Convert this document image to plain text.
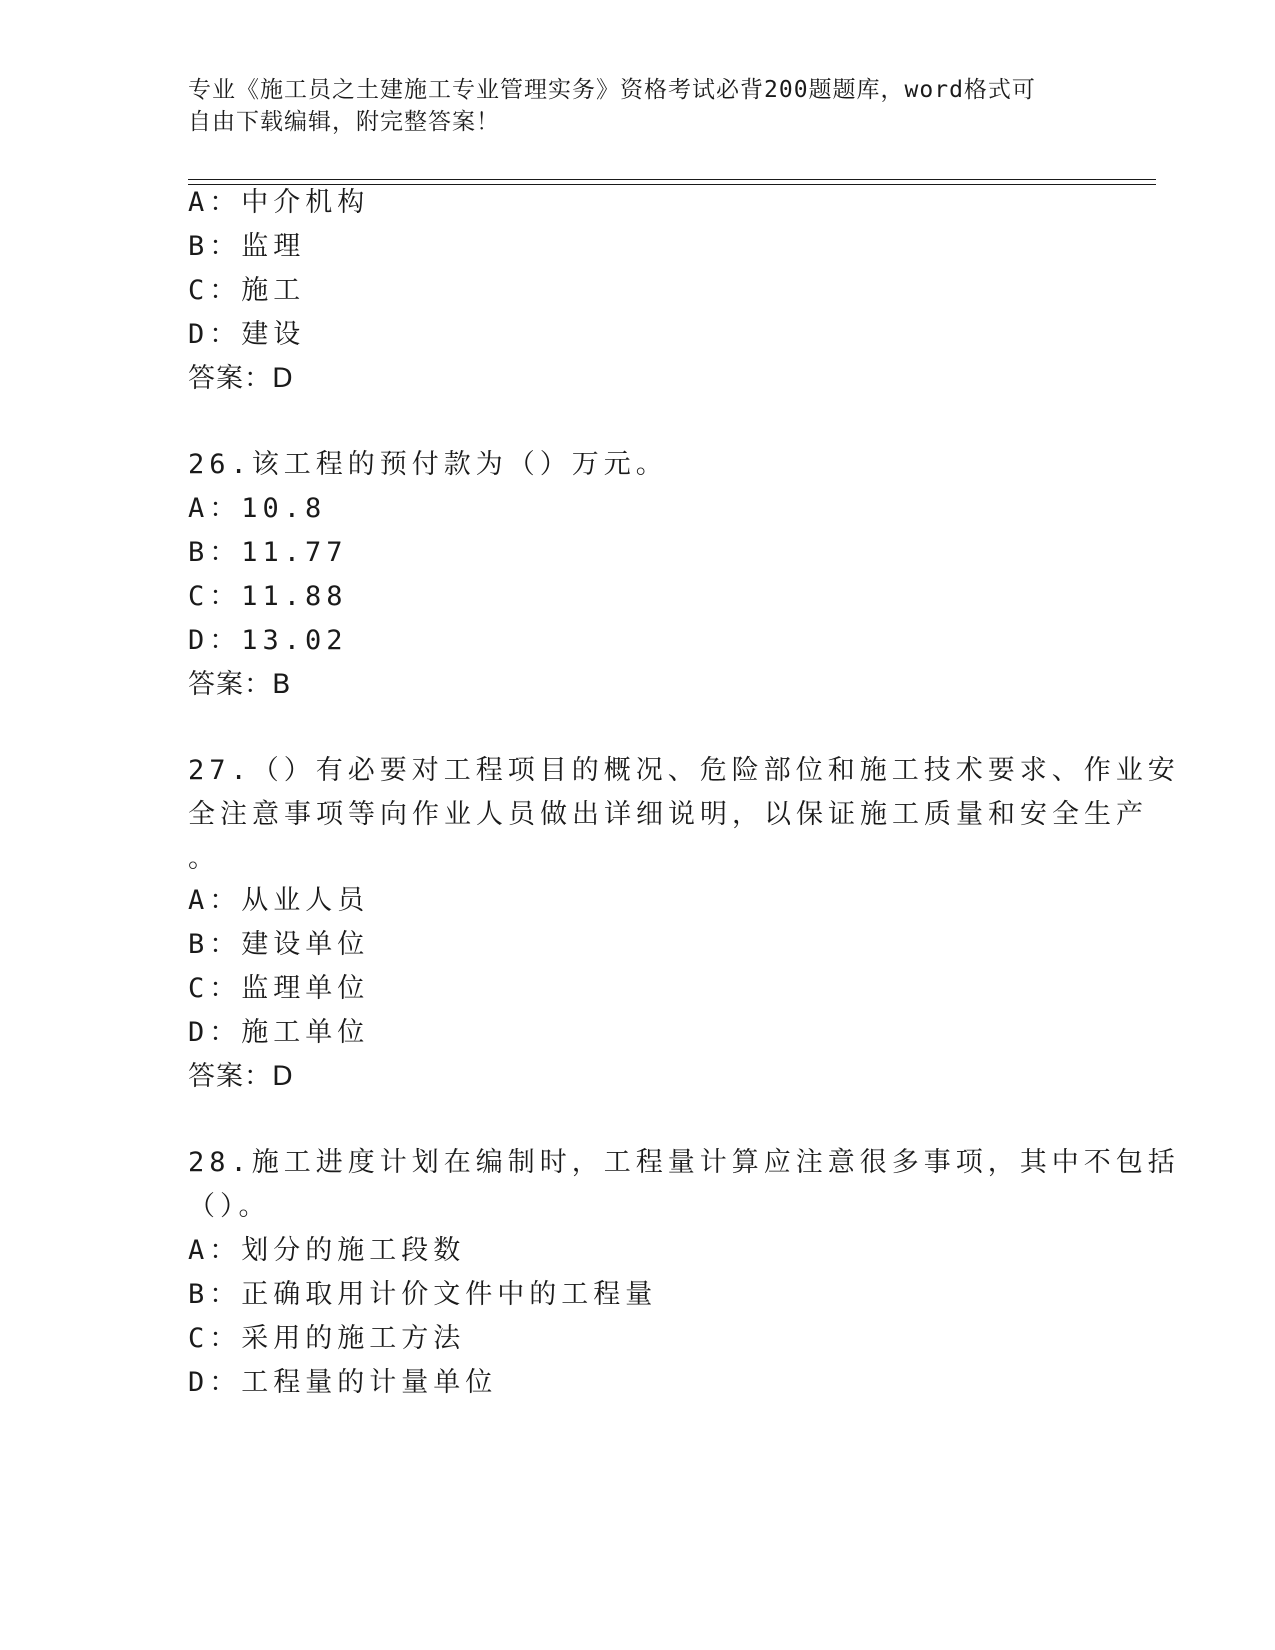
专业《施工员之土建施工专业管理实务》资格考试必背200题题库，word格式可
自由下载编辑，附完整答案！
A：中介机构
B：监理
C：施工
D：建设
答案：D
26.该工程的预付款为（）万元。
A：10.8
B：11.77
C：11.88
D：13.02
答案：B
27.（）有必要对工程项目的概况、危险部位和施工技术要求、作业安
全注意事项等向作业人员做出详细说明，以保证施工质量和安全生产
。
A：从业人员
B：建设单位
C：监理单位
D：施工单位
答案：D
28.施工进度计划在编制时，工程量计算应注意很多事项，其中不包括
（）。
A：划分的施工段数
B：正确取用计价文件中的工程量
C：采用的施工方法
D：工程量的计量单位
